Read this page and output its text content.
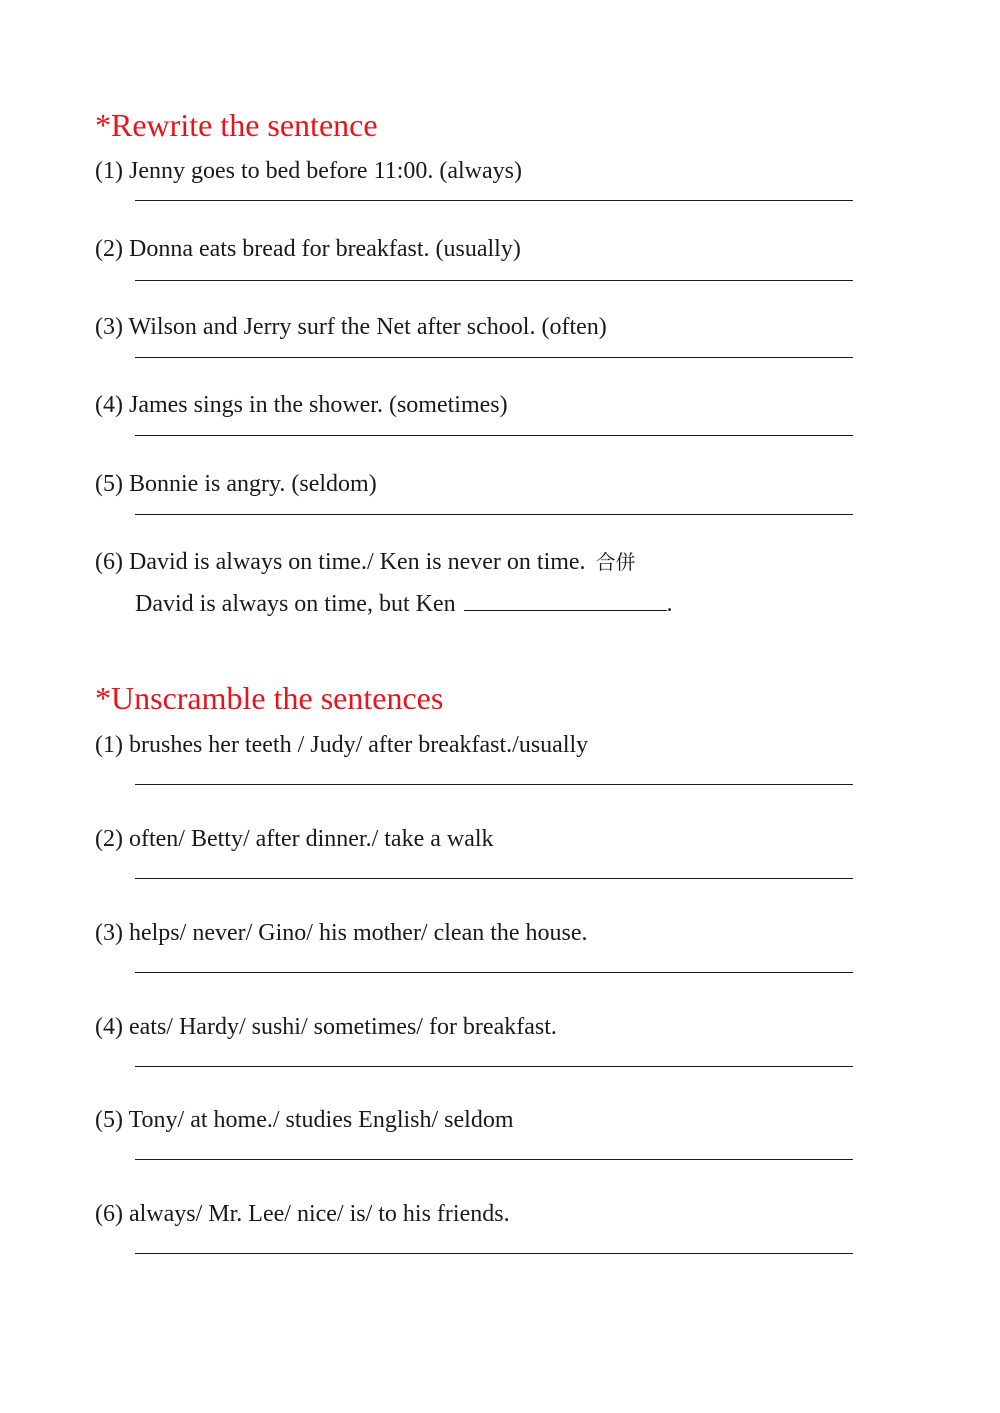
*Rewrite the sentence
(1) Jenny goes to bed before 11:00. (always)
(2) Donna eats bread for breakfast. (usually)
(3) Wilson and Jerry surf the Net after school. (often)
(4) James sings in the shower. (sometimes)
(5) Bonnie is angry. (seldom)
(6) David is always on time./ Ken is never on time. 合併
David is always on time, but Ken	.
*Unscramble the sentences
(1) brushes her teeth / Judy/ after breakfast./usually
(2) often/ Betty/ after dinner./ take a walk
(3) helps/ never/ Gino/ his mother/ clean the house.
(4) eats/ Hardy/ sushi/ sometimes/ for breakfast.
(5) Tony/ at home./ studies English/ seldom
(6) always/ Mr. Lee/ nice/ is/ to his friends.
